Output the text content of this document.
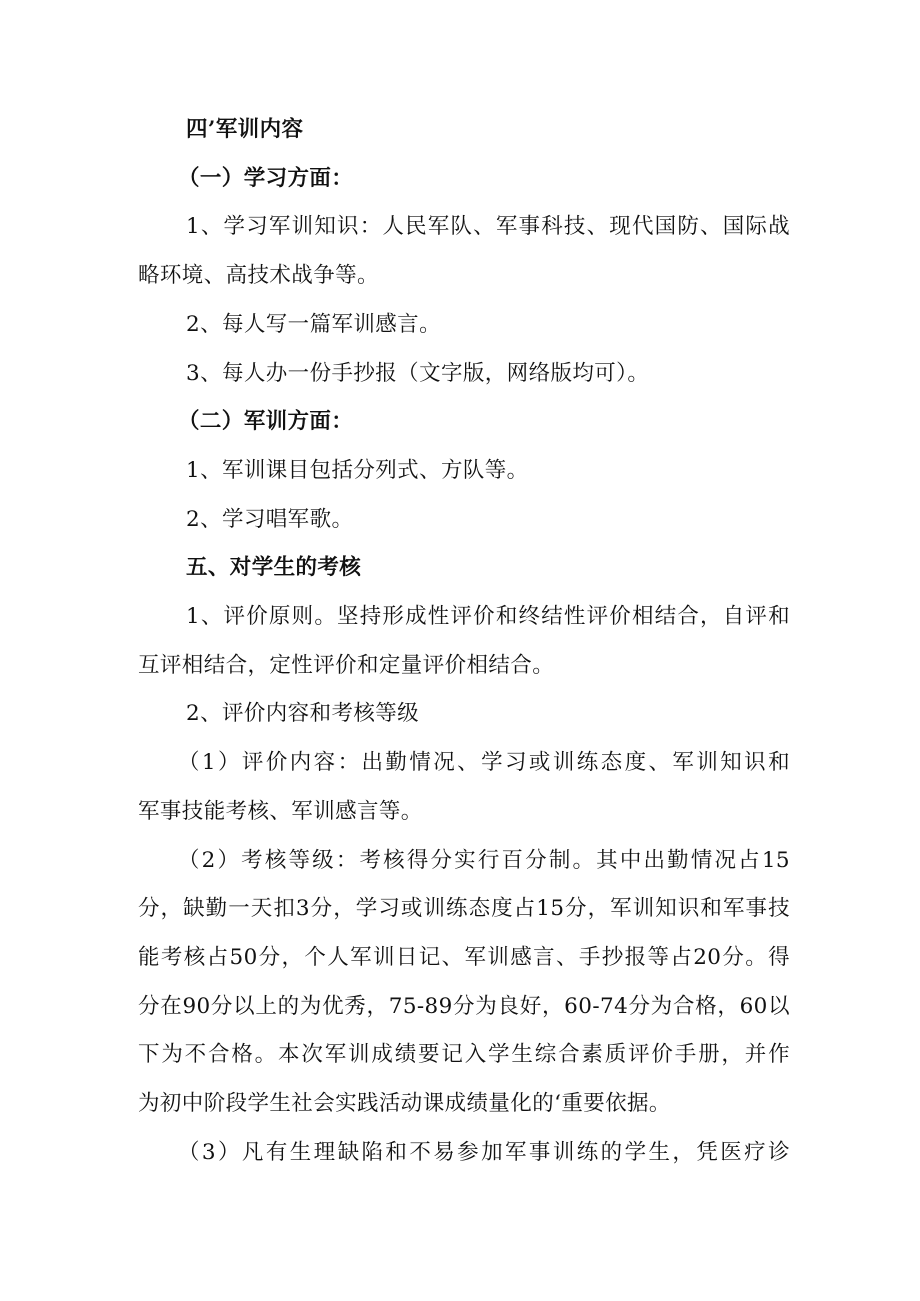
四’军训内容
（一）学习方面：
1、学习军训知识：人民军队、军事科技、现代国防、国际战
略环境、高技术战争等。
2、每人写一篇军训感言。
3、每人办一份手抄报（文字版，网络版均可）。
（二）军训方面：
1、军训课目包括分列式、方队等。
2、学习唱军歌。
五、对学生的考核
1、评价原则。坚持形成性评价和终结性评价相结合，自评和
互评相结合，定性评价和定量评价相结合。
2、评价内容和考核等级
（1）评价内容：出勤情况、学习或训练态度、军训知识和
军事技能考核、军训感言等。
（2）考核等级：考核得分实行百分制。其中出勤情况占15
分，缺勤一天扣3分，学习或训练态度占15分，军训知识和军事技
能考核占50分，个人军训日记、军训感言、手抄报等占20分。得
分在90分以上的为优秀，75-89分为良好，60-74分为合格，60以
下为不合格。本次军训成绩要记入学生综合素质评价手册，并作
为初中阶段学生社会实践活动课成绩量化的‘重要依据。
（3）凡有生理缺陷和不易参加军事训练的学生，凭医疗诊
